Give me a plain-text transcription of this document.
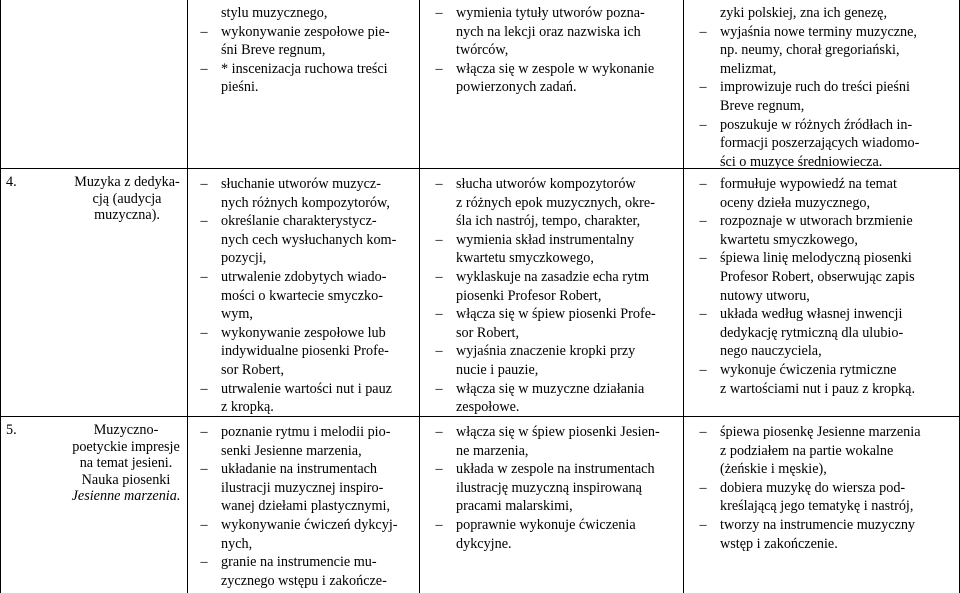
4.	Muzyka z dedyka-
cją (audycja
muzyczna).
5.	Muzyczno-
poetyckie impresje
na temat jesieni.
Nauka piosenki
Jesienne marzenia.
stylu muzycznego,
– wykonywanie zespołowe pie-
śni Breve regnum,
– * inscenizacja ruchowa treści
pieśni.
– słuchanie utworów muzycz-
nych różnych kompozytorów,
– określanie charakterystycz-
nych cech wysłuchanych kom-
pozycji,
– utrwalenie zdobytych wiado-
mości o kwartecie smyczko-
wym,
– wykonywanie zespołowe lub
indywidualne piosenki Profe-
sor Robert,
– utrwalenie wartości nut i pauz
z kropką.
– poznanie rytmu i melodii pio-
senki Jesienne marzenia,
– układanie na instrumentach
ilustracji muzycznej inspiro-
wanej dziełami plastycznymi,
– wykonywanie ćwiczeń dykcyj-
nych,
– granie na instrumencie mu-
zycznego wstępu i zakończe-
– wymienia tytuły utworów pozna-
nych na lekcji oraz nazwiska ich
twórców,
– włącza się w zespole w wykonanie
powierzonych zadań.
– słucha utworów kompozytorów
z różnych epok muzycznych, okre-
śla ich nastrój, tempo, charakter,
– wymienia skład instrumentalny
kwartetu smyczkowego,
– wyklaskuje na zasadzie echa rytm
piosenki Profesor Robert,
– włącza się w śpiew piosenki Profe-
sor Robert,
– wyjaśnia znaczenie kropki przy
nucie i pauzie,
– włącza się w muzyczne działania
zespołowe.
– włącza się w śpiew piosenki Jesien-
ne marzenia,
– układa w zespole na instrumentach
ilustrację muzyczną inspirowaną
pracami malarskimi,
– poprawnie wykonuje ćwiczenia
dykcyjne.
zyki polskiej, zna ich genezę,
– wyjaśnia nowe terminy muzyczne,
np. neumy, chorał gregoriański,
melizmat,
– improwizuje ruch do treści pieśni
Breve regnum,
– poszukuje w różnych źródłach in-
formacji poszerzających wiadomo-
ści o muzyce średniowiecza.
– formułuje wypowiedź na temat
oceny dzieła muzycznego,
– rozpoznaje w utworach brzmienie
kwartetu smyczkowego,
– śpiewa linię melodyczną piosenki
Profesor Robert, obserwując zapis
nutowy utworu,
– układa według własnej inwencji
dedykację rytmiczną dla ulubio-
nego nauczyciela,
– wykonuje ćwiczenia rytmiczne
z wartościami nut i pauz z kropką.
– śpiewa piosenkę Jesienne marzenia
z podziałem na partie wokalne
(żeńskie i męskie),
– dobiera muzykę do wiersza pod-
kreślającą jego tematykę i nastrój,
– tworzy na instrumencie muzyczny
wstęp i zakończenie.
